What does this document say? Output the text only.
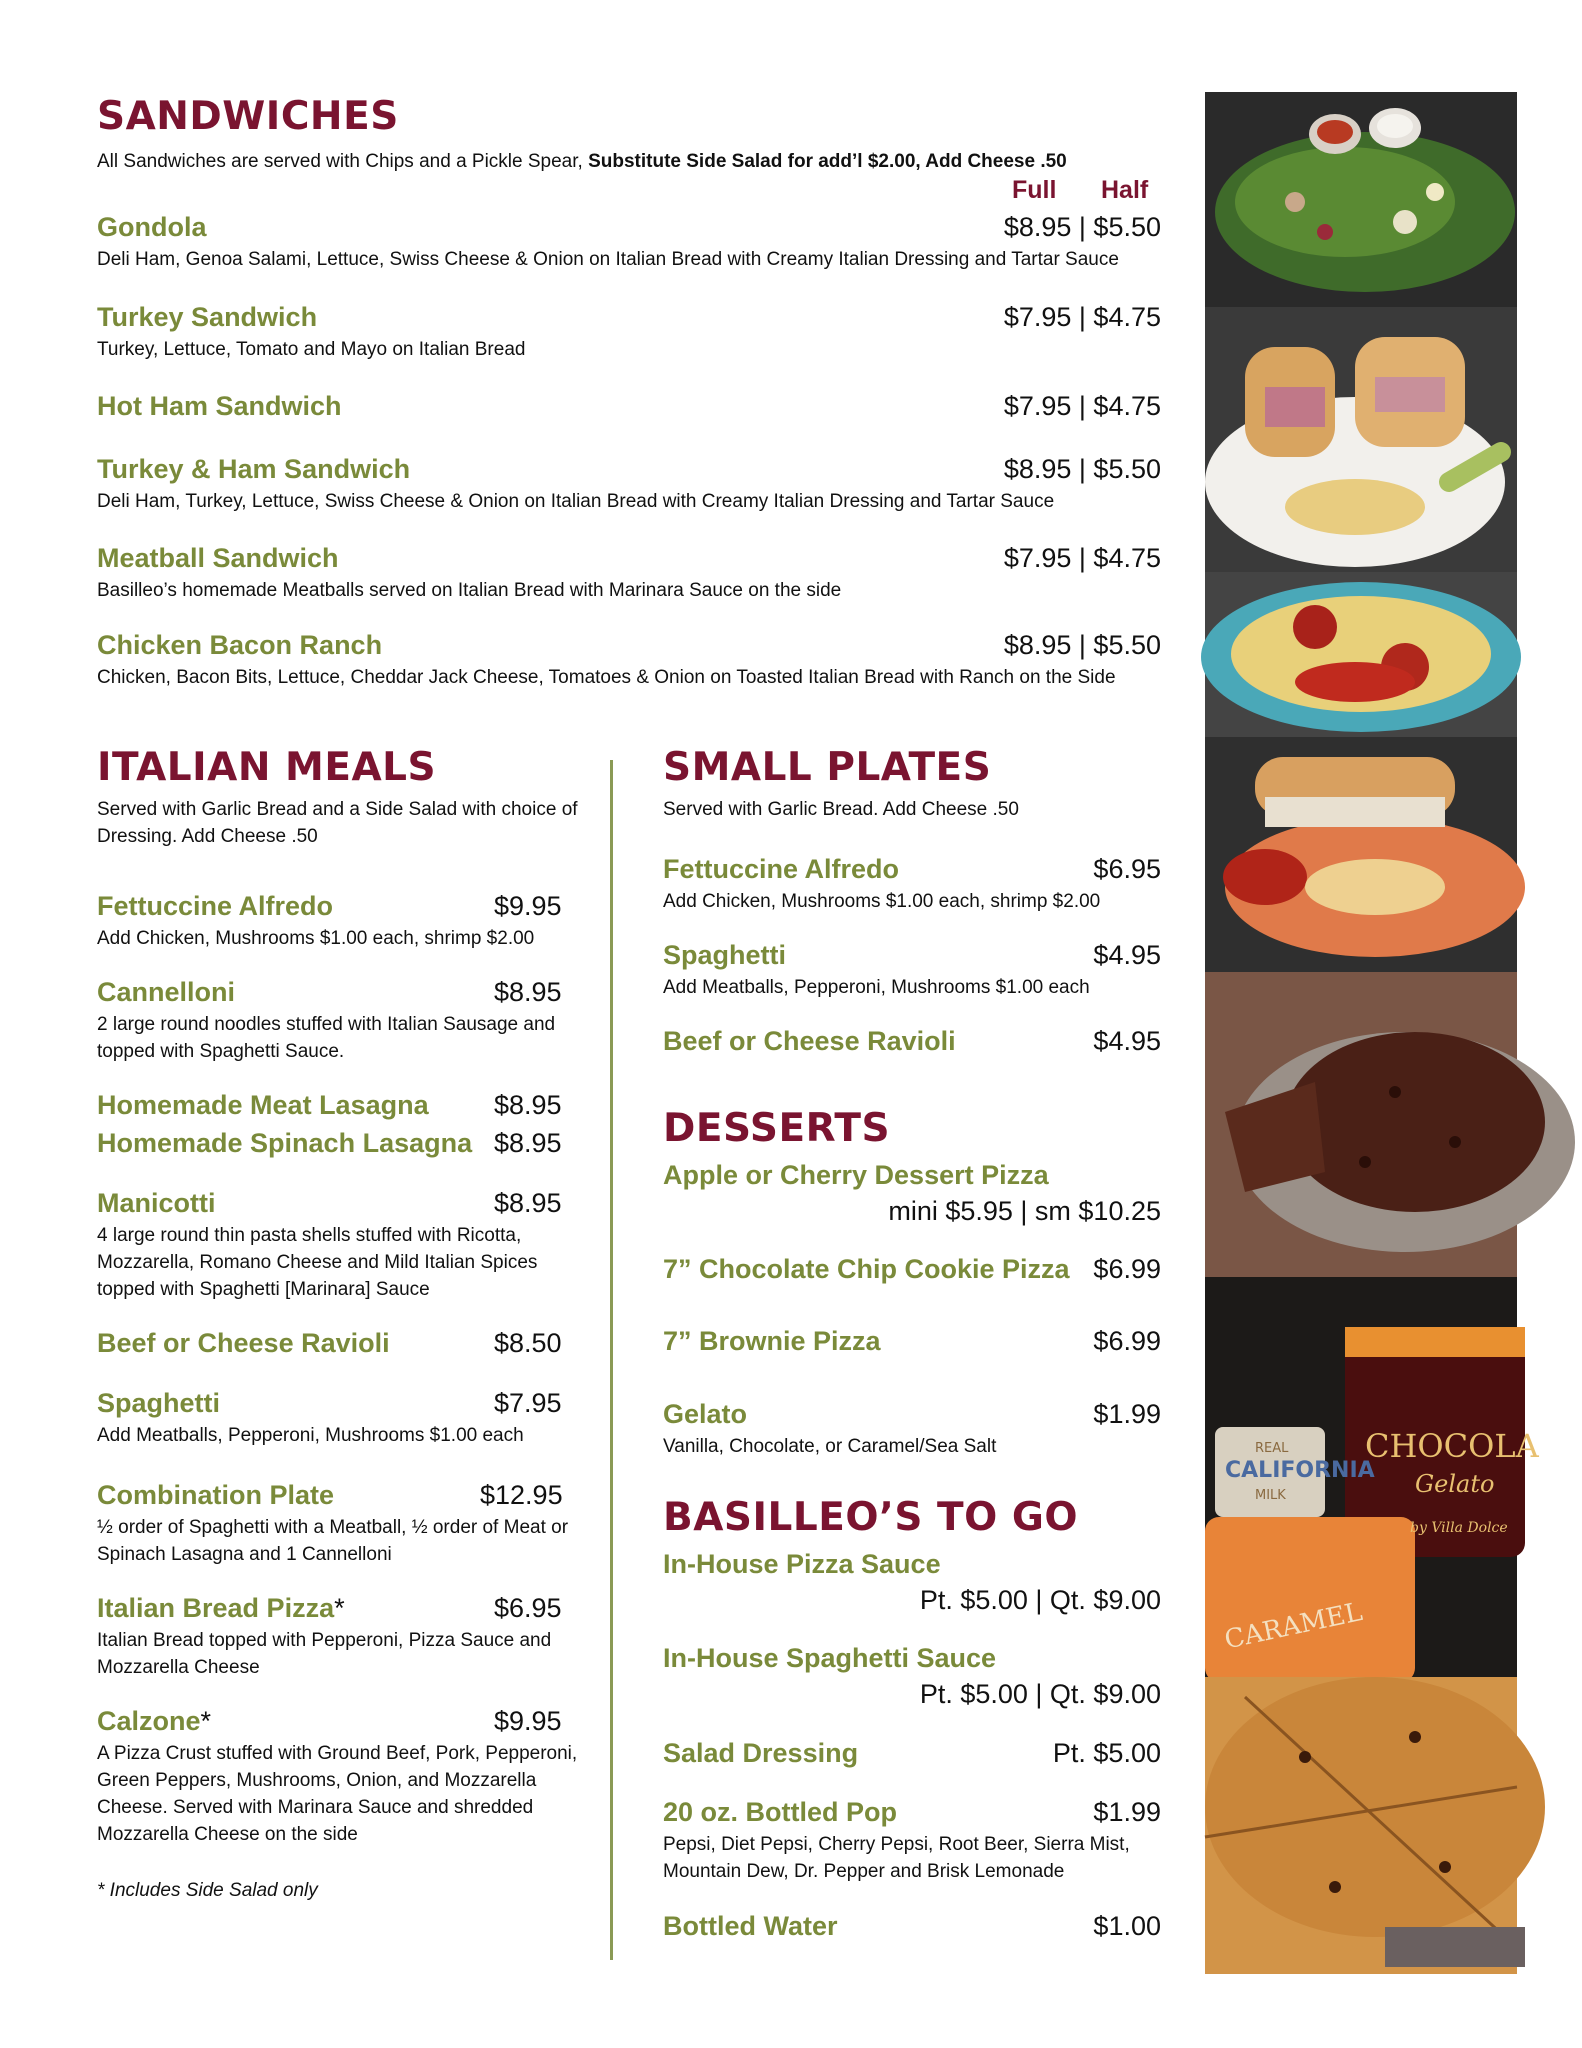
SANDWICHES
All Sandwiches are served with Chips and a Pickle Spear, Substitute Side Salad for add’l $2.00, Add Cheese .50
Full Half
Gondola	$8.95 | $5.50
Deli Ham, Genoa Salami, Lettuce, Swiss Cheese & Onion on Italian Bread with Creamy Italian Dressing and Tartar Sauce
Turkey Sandwich	$7.95 | $4.75
Turkey, Lettuce, Tomato and Mayo on Italian Bread
Hot Ham Sandwich	$7.95 | $4.75
Turkey & Ham Sandwich	$8.95 | $5.50
Deli Ham, Turkey, Lettuce, Swiss Cheese & Onion on Italian Bread with Creamy Italian Dressing and Tartar Sauce
Meatball Sandwich	$7.95 | $4.75
Basilleo’s homemade Meatballs served on Italian Bread with Marinara Sauce on the side
Chicken Bacon Ranch	$8.95 | $5.50
Chicken, Bacon Bits, Lettuce, Cheddar Jack Cheese, Tomatoes & Onion on Toasted Italian Bread with Ranch on the Side
ITALIAN MEALS
Served with Garlic Bread and a Side Salad with choice of Dressing. Add Cheese .50
Fettuccine Alfredo	$9.95
Add Chicken, Mushrooms $1.00 each, shrimp $2.00
Cannelloni	$8.95
2 large round noodles stuffed with Italian Sausage and topped with Spaghetti Sauce.
Homemade Meat Lasagna $8.95
Homemade Spinach Lasagna $8.95
Manicotti	$8.95
4 large round thin pasta shells stuffed with Ricotta, Mozzarella, Romano Cheese and Mild Italian Spices topped with Spaghetti [Marinara] Sauce
Beef or Cheese Ravioli	$8.50
Spaghetti	$7.95
Add Meatballs, Pepperoni, Mushrooms $1.00 each
Combination Plate	$12.95
½ order of Spaghetti with a Meatball, ½ order of Meat or Spinach Lasagna and 1 Cannelloni
Italian Bread Pizza*	$6.95
Italian Bread topped with Pepperoni, Pizza Sauce and Mozzarella Cheese
Calzone*	$9.95
A Pizza Crust stuffed with Ground Beef, Pork, Pepperoni, Green Peppers, Mushrooms, Onion, and Mozzarella Cheese. Served with Marinara Sauce and shredded Mozzarella Cheese on the side
* Includes Side Salad only
SMALL PLATES
Served with Garlic Bread. Add Cheese .50
Fettuccine Alfredo	$6.95
Add Chicken, Mushrooms $1.00 each, shrimp $2.00
Spaghetti	$4.95
Add Meatballs, Pepperoni, Mushrooms $1.00 each
Beef or Cheese Ravioli	$4.95
DESSERTS
Apple or Cherry Dessert Pizza
mini $5.95 | sm $10.25
7” Chocolate Chip Cookie Pizza $6.99
7” Brownie Pizza	$6.99
Gelato	$1.99
Vanilla, Chocolate, or Caramel/Sea Salt
BASILLEO’S TO GO
In-House Pizza Sauce
Pt. $5.00 | Qt. $9.00
In-House Spaghetti Sauce
Pt. $5.00 | Qt. $9.00
Salad Dressing	Pt. $5.00
20 oz. Bottled Pop	$1.99
Pepsi, Diet Pepsi, Cherry Pepsi, Root Beer, Sierra Mist, Mountain Dew, Dr. Pepper and Brisk Lemonade
Bottled Water	$1.00
CHOCOLA
Gelato
by Villa Dolce
REAL
CALIFORNIA
MILK
CARAMEL
